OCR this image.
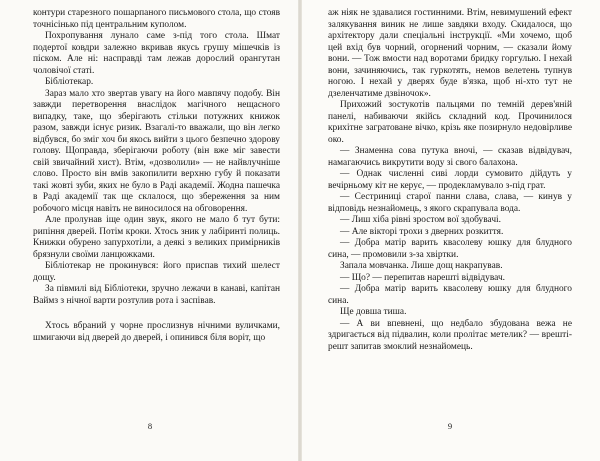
контури старезного пошарпаного письмового стола, що стояв точнісінько під центральним куполом.

Похропування лунало саме з-під того стола. Шмат подертої ковдри залежно вкривав якусь грушу мішечків із піском. Але ні: насправді там лежав дорослий орангутан чоловічої статі.

Бібліотекар.

Зараз мало хто звертав увагу на його мавпячу подобу. Він завжди перетворення внаслідок магічного нещасного випадку, таке, що зберігають стільки потужних книжок разом, завжди існує ризик. Взагалі-то вважали, що він легко відбувся, бо зміг хоч би якось вийти з цього безпечно здорову голову. Щоправда, зберігаючи роботу (він вже міг завести свій звичайний хист). Втім, «дозволили» — не найвлучніше слово. Просто він вмів закопилити верхню губу й показати такі жовті зуби, яких не було в Раді академії. Жодна пашечка в Раді академії так ще склалося, що збереження за ним робочого місця навіть не виносилося на обговорення.

Але пролунав іще один звук, якого не мало б тут бути: рипіння дверей. Потім кроки. Хтось зник у лабіринті полиць. Книжки обурено запурхотіли, а деякі з великих примірників брязнули своїми ланцюжками.

Бібліотекар не прокинувся: його приспав тихий шелест дощу.

За півмилі від Бібліотеки, зручно лежачи в канаві, капітан Ваймз з нічної варти розтулив рота і заспівав.

Хтось вбраний у чорне прослизнув нічними вуличками, шмигаючи від дверей до дверей, і опинився біля воріт, що

8

аж ніяк не здавалися гостинними. Втім, невимушений ефект залякування виник не лише завдяки входу. Скидалося, що архітектору дали спеціальні інструкції. «Ми хочемо, щоб цей вхід був чорний, огорнений чорним, — сказали йому вони. — Тож вмости над воротами бридку горгулью. І нехай вони, зачиняючись, так гуркотять, немов велетень тупнув ногою. І нехай у дверях буде в'язка, щоб ні-хто тут не дзеленчатиме дзвіночок».

Прихожий зостукотів пальцями по темній дерев'яній панелі, набиваючи якійсь складний код. Прочинилося крихітне загратоване вічко, крізь яке позирнуло недовірливе око.

— Знаменна сова путука вночі, — сказав відвідувач, намагаючись викрутити воду зі свого балахона.

— Однак численні сиві лорди сумовито дійдуть у вечірньому кіт не керує, — продекламувало з-під грат.

— Сестриниці старої панни слава, слава, — кинув у відповідь незнайомець, з якого скрапувала вода.

— Лиш хіба рівні зростом вої здобувачі.

— Але вікторі трохи з дверних розкиття.

— Добра матір варить квасолеву юшку для блудного сина, — промовили з-за хвіртки.

Запала мовчанка. Лише дощ накрапував.

— Що? — перепитав нарешті відвідувач.

— Добра матір варить квасолеву юшку для блудного сина.

Ще довша тиша.

— А ви впевнені, що недбало збудована вежа не здригається від підвалин, коли пролітає метелик? — врешті-решт запитав змоклий незнайомець.

9
